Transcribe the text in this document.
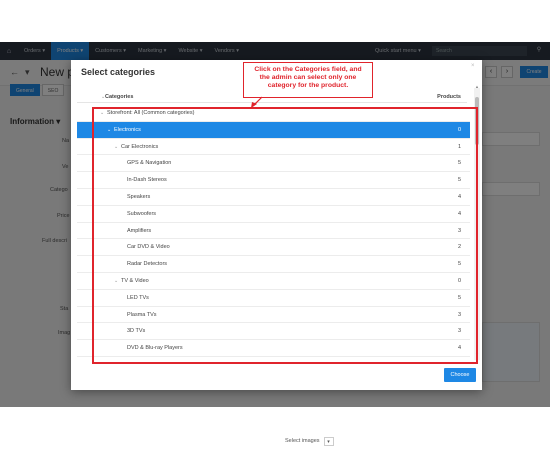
Select images	▾
Select categories
×
⌄ Categories	Products
⌄ Storefront: All (Common categories)
⌄ Electronics	0
⌄ Car Electronics	1
GPS & Navigation	5
In-Dash Stereos	5
Speakers	4
Subwoofers	4
Amplifiers	3
Car DVD & Video	2
Radar Detectors	5
⌄ TV & Video	0
LED TVs	5
Plasma TVs	3
3D TVs	3
DVD & Blu-ray Players	4
▲
▼
Choose
Click on the Categories field, and
the admin can select only one
category for the product.
